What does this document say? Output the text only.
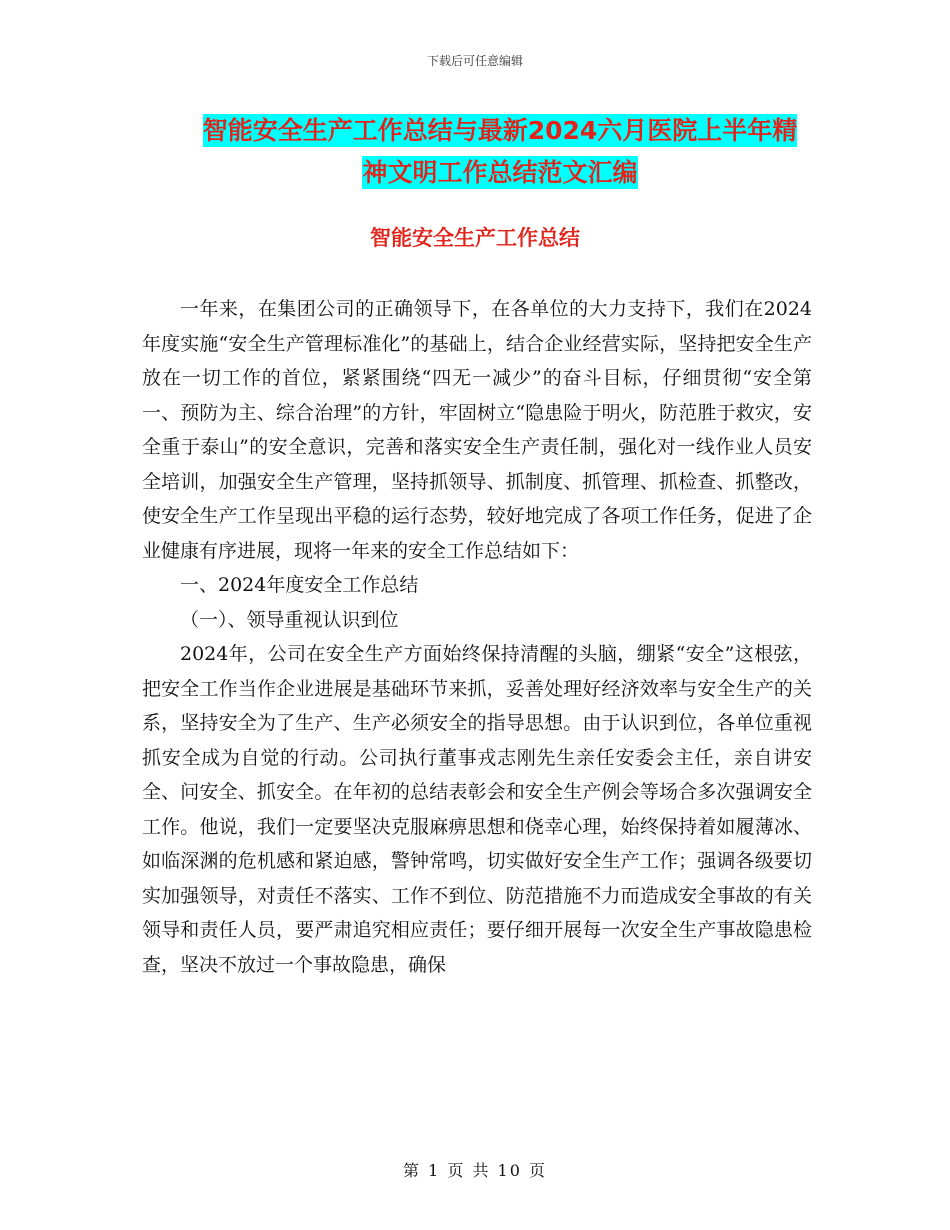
下载后可任意编辑
智能安全生产工作总结与最新2024六月医院上半年精
神文明工作总结范文汇编
智能安全生产工作总结

一年来，在集团公司的正确领导下，在各单位的大力支持下，我们在2024年度实施“安全生产管理标准化”的基础上，结合企业经营实际，坚持把安全生产放在一切工作的首位，紧紧围绕“四无一减少”的奋斗目标，仔细贯彻“安全第一、预防为主、综合治理”的方针，牢固树立“隐患险于明火，防范胜于救灾，安全重于泰山”的安全意识，完善和落实安全生产责任制，强化对一线作业人员安全培训，加强安全生产管理，坚持抓领导、抓制度、抓管理、抓检查、抓整改，使安全生产工作呈现出平稳的运行态势，较好地完成了各项工作任务，促进了企业健康有序进展，现将一年来的安全工作总结如下：

一、2024年度安全工作总结

（一）、领导重视认识到位

2024年，公司在安全生产方面始终保持清醒的头脑，绷紧“安全”这根弦，把安全工作当作企业进展是基础环节来抓，妥善处理好经济效率与安全生产的关系，坚持安全为了生产、生产必须安全的指导思想。由于认识到位，各单位重视抓安全成为自觉的行动。公司执行董事戎志刚先生亲任安委会主任，亲自讲安全、问安全、抓安全。在年初的总结表彰会和安全生产例会等场合多次强调安全工作。他说，我们一定要坚决克服麻痹思想和侥幸心理，始终保持着如履薄冰、如临深渊的危机感和紧迫感，警钟常鸣，切实做好安全生产工作；强调各级要切实加强领导，对责任不落实、工作不到位、防范措施不力而造成安全事故的有关领导和责任人员，要严肃追究相应责任；要仔细开展每一次安全生产事故隐患检查，坚决不放过一个事故隐患，确保

第 1 页 共 10 页
